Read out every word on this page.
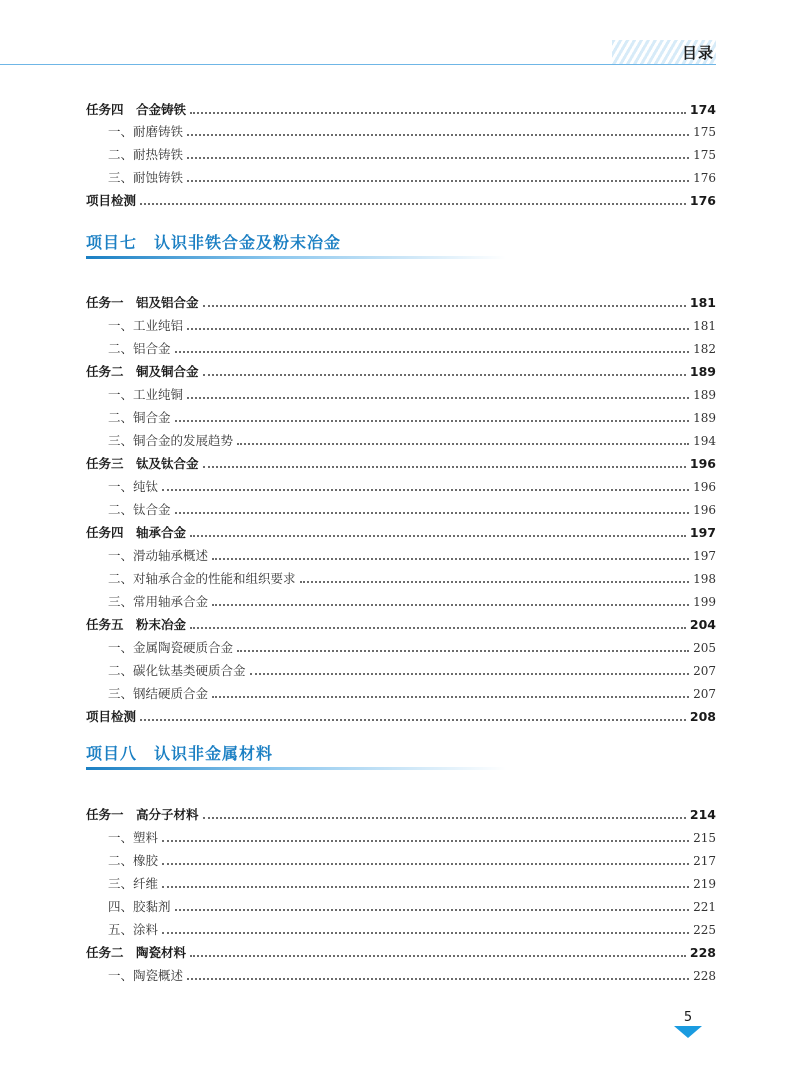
目录
任务四　合金铸铁	174
一、耐磨铸铁	175
二、耐热铸铁	175
三、耐蚀铸铁	176
项目检测	176
项目七　认识非铁合金及粉末冶金
任务一　铝及铝合金	181
一、工业纯铝	181
二、铝合金	182
任务二　铜及铜合金	189
一、工业纯铜	189
二、铜合金	189
三、铜合金的发展趋势	194
任务三　钛及钛合金	196
一、纯钛	196
二、钛合金	196
任务四　轴承合金	197
一、滑动轴承概述	197
二、对轴承合金的性能和组织要求	198
三、常用轴承合金	199
任务五　粉末冶金	204
一、金属陶瓷硬质合金	205
二、碳化钛基类硬质合金	207
三、钢结硬质合金	207
项目检测	208
项目八　认识非金属材料
任务一　高分子材料	214
一、塑料	215
二、橡胶	217
三、纤维	219
四、胶黏剂	221
五、涂料	225
任务二　陶瓷材料	228
一、陶瓷概述	228
5
